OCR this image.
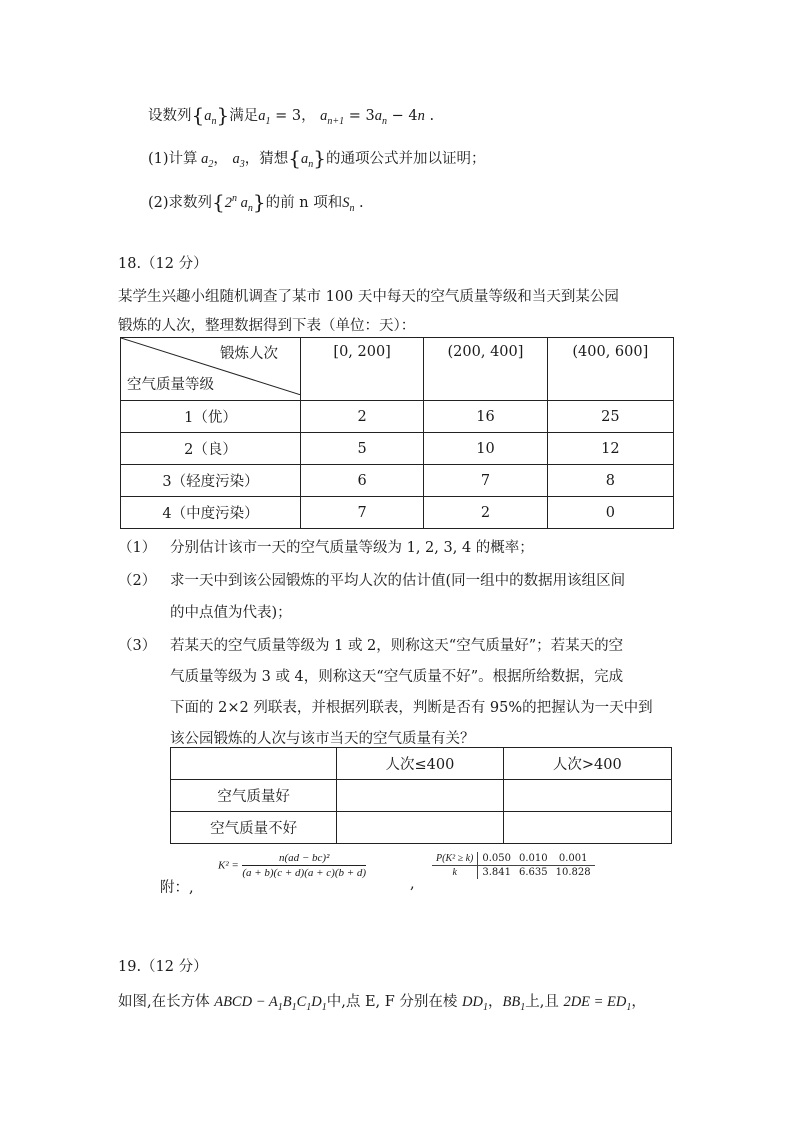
设数列$\{a_n\}$满足$a_1 = 3$， $a_{n+1} = 3a_n - 4n$ .
(1)计算 $a_2$， $a_3$，猜想$\{a_n\}$的通项公式并加以证明；
(2)求数列{2$^n$ $a_n$}的前 n 项和$S_n$ .
18.（12 分）
某学生兴趣小组随机调查了某市 100 天中每天的空气质量等级和当天到某公园
锻炼的人次，整理数据得到下表（单位：天）：
锻炼人次
空气质量等级	[0, 200]	(200, 400]	(400, 600]
1（优）	2	16	25
2（良）	5	10	12
3（轻度污染）	6	7	8
4（中度污染）	7	2	0
（1） 分别估计该市一天的空气质量等级为 1, 2, 3, 4 的概率；
（2） 求一天中到该公园锻炼的平均人次的估计值(同一组中的数据用该组区间
的中点值为代表)；
（3） 若某天的空气质量等级为 1 或 2，则称这天“空气质量好”；若某天的空
气质量等级为 3 或 4，则称这天“空气质量不好”。根据所给数据，完成
下面的 2×2 列联表，并根据列联表，判断是否有 95%的把握认为一天中到
该公园锻炼的人次与该市当天的空气质量有关？
	人次≤400	人次>400
空气质量好		
空气质量不好		
附：,
$K^2 = \frac{\text{n(ad − bc)²}}{(a + b)(c + d)(a + c)(b + d)}$
,
P(K² ≥ k)	0.050	0.010	0.001
k	3.841	6.635	10.828
19.（12 分）
如图,在长方体 ABCD − $A_1B_1C_1D_1$中,点 E, F 分别在棱 $DD_1$，$BB_1$上,且 $2DE = ED_1$，
